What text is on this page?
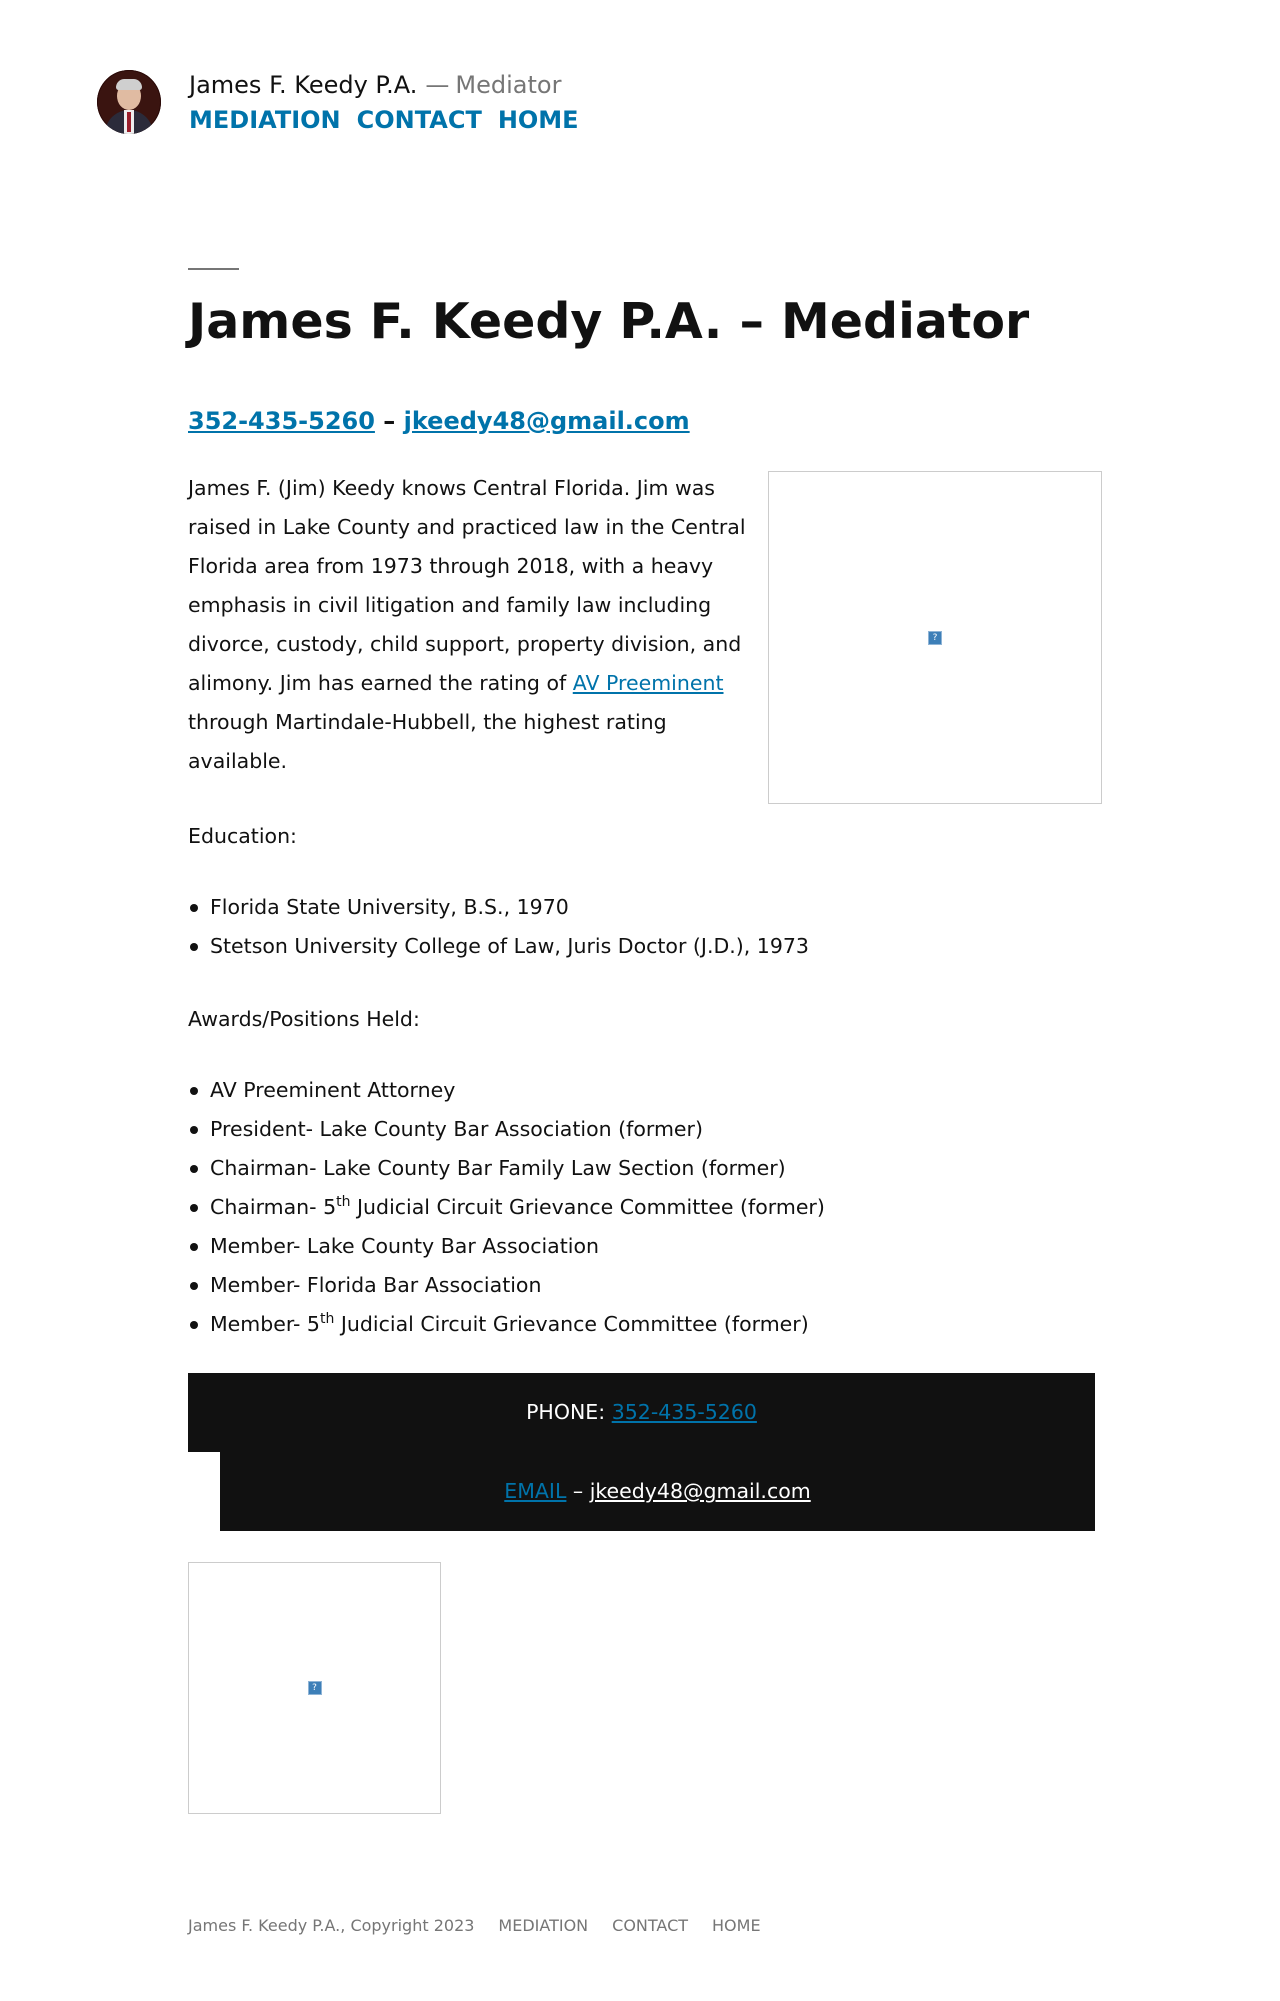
James F. Keedy P.A. — Mediator
MEDIATION CONTACT HOME
James F. Keedy P.A. – Mediator
352-435-5260 – jkeedy48@gmail.com

James F. (Jim) Keedy knows Central Florida. Jim was raised in Lake County and practiced law in the Central Florida area from 1973 through 2018, with a heavy emphasis in civil litigation and family law including divorce, custody, child support, property division, and alimony. Jim has earned the rating of AV Preeminent through Martindale-Hubbell, the highest rating available.

?

Education:

Florida State University, B.S., 1970
Stetson University College of Law, Juris Doctor (J.D.), 1973

Awards/Positions Held:

AV Preeminent Attorney
President- Lake County Bar Association (former)
Chairman- Lake County Bar Family Law Section (former)
Chairman- 5th Judicial Circuit Grievance Committee (former)
Member- Lake County Bar Association
Member- Florida Bar Association
Member- 5th Judicial Circuit Grievance Committee (former)
PHONE: 352-435-5260
EMAIL – jkeedy48@gmail.com
?
James F. Keedy P.A., Copyright 2023 MEDIATION CONTACT HOME
